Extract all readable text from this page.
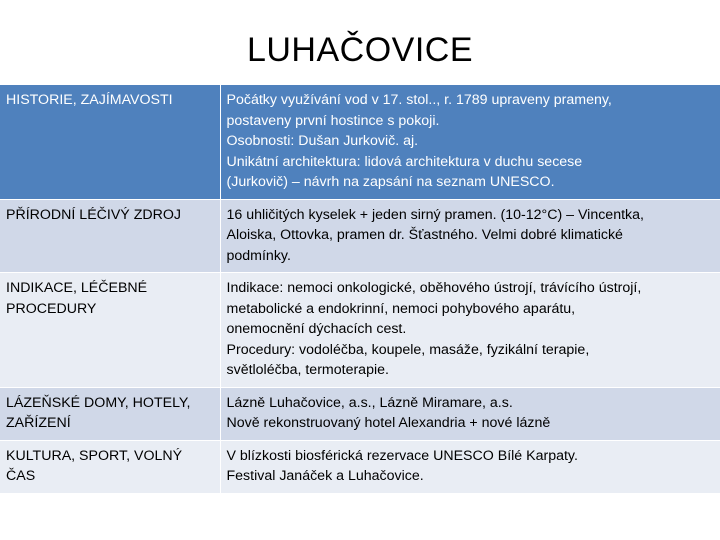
LUHAČOVICE
HISTORIE, ZAJÍMAVOSTI	Počátky využívání vod v 17. stol.., r. 1789 upraveny prameny,
postaveny první hostince s pokoji.
Osobnosti: Dušan Jurkovič. aj.
Unikátní architektura: lidová architektura v duchu secese
(Jurkovič) – návrh na zapsání na seznam UNESCO.

PŘÍRODNÍ LÉČIVÝ ZDROJ	16 uhličitých kyselek + jeden sirný pramen. (10-12°C) – Vincentka,
Aloiska, Ottovka, pramen dr. Šťastného. Velmi dobré klimatické
podmínky.

INDIKACE, LÉČEBNÉ
PROCEDURY	Indikace: nemoci onkologické, oběhového ústrojí, trávícího ústrojí,
metabolické a endokrinní, nemoci pohybového aparátu,
onemocnění dýchacích cest.
Procedury: vodoléčba, koupele, masáže, fyzikální terapie,
světloléčba, termoterapie.

LÁZEŇSKÉ DOMY, HOTELY,
ZAŘÍZENÍ	Lázně Luhačovice, a.s., Lázně Miramare, a.s.
Nově rekonstruovaný hotel Alexandria + nové lázně

KULTURA, SPORT, VOLNÝ
ČAS	V blízkosti biosférická rezervace UNESCO Bílé Karpaty.
Festival Janáček a Luhačovice.
